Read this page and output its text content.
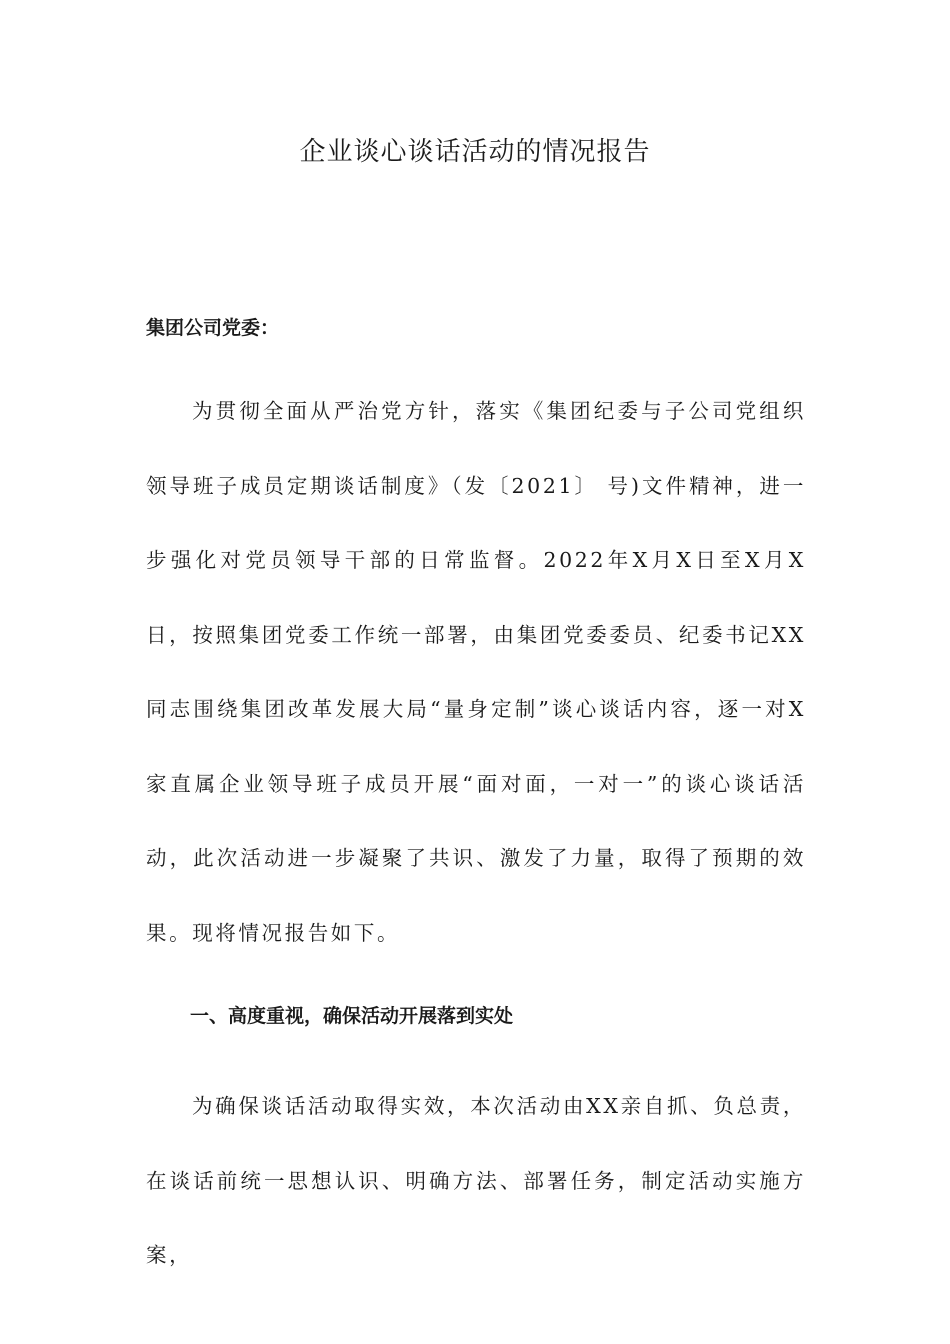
企业谈心谈话活动的情况报告

集团公司党委：

为贯彻全面从严治党方针，落实《集团纪委与子公司党组织领导班子成员定期谈话制度》（发〔2021〕 号)文件精神，进一步强化对党员领导干部的日常监督。2022年X月X日至X月X日，按照集团党委工作统一部署，由集团党委委员、纪委书记XX同志围绕集团改革发展大局“量身定制”谈心谈话内容，逐一对X家直属企业领导班子成员开展“面对面，一对一”的谈心谈话活动，此次活动进一步凝聚了共识、激发了力量，取得了预期的效果。现将情况报告如下。

一、高度重视，确保活动开展落到实处

为确保谈话活动取得实效，本次活动由XX亲自抓、负总责，在谈话前统一思想认识、明确方法、部署任务，制定活动实施方案，
